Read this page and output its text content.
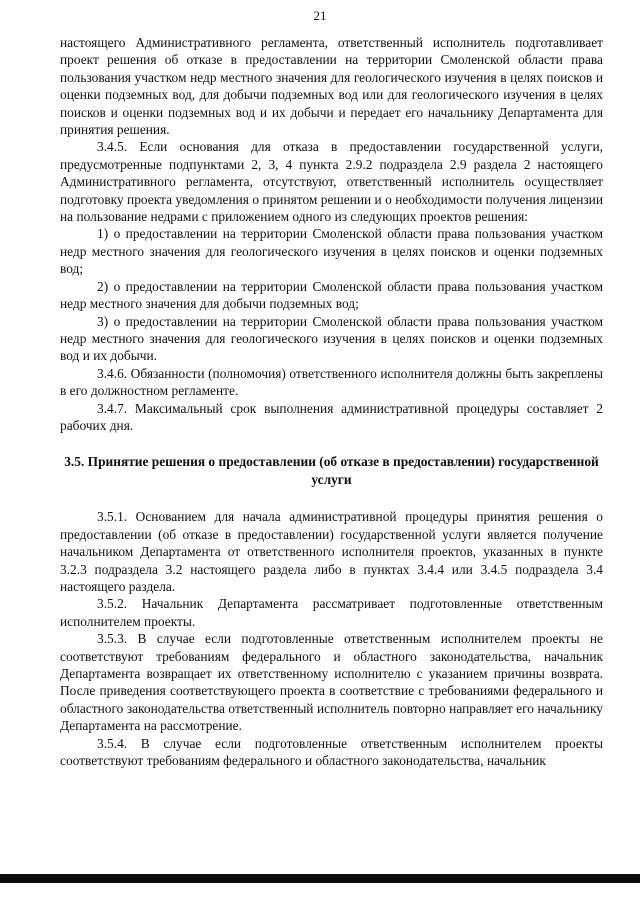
21

настоящего Административного регламента, ответственный исполнитель подготавливает проект решения об отказе в предоставлении на территории Смоленской области права пользования участком недр местного значения для геологического изучения в целях поисков и оценки подземных вод, для добычи подземных вод или для геологического изучения в целях поисков и оценки подземных вод и их добычи и передает его начальнику Департамента для принятия решения.

3.4.5. Если основания для отказа в предоставлении государственной услуги, предусмотренные подпунктами 2, 3, 4 пункта 2.9.2 подраздела 2.9 раздела 2 настоящего Административного регламента, отсутствуют, ответственный исполнитель осуществляет подготовку проекта уведомления о принятом решении и о необходимости получения лицензии на пользование недрами с приложением одного из следующих проектов решения:

1) о предоставлении на территории Смоленской области права пользования участком недр местного значения для геологического изучения в целях поисков и оценки подземных вод;

2) о предоставлении на территории Смоленской области права пользования участком недр местного значения для добычи подземных вод;

3) о предоставлении на территории Смоленской области права пользования участком недр местного значения для геологического изучения в целях поисков и оценки подземных вод и их добычи.

3.4.6. Обязанности (полномочия) ответственного исполнителя должны быть закреплены в его должностном регламенте.

3.4.7. Максимальный срок выполнения административной процедуры составляет 2 рабочих дня.

3.5. Принятие решения о предоставлении (об отказе в предоставлении) государственной услуги

3.5.1. Основанием для начала административной процедуры принятия решения о предоставлении (об отказе в предоставлении) государственной услуги является получение начальником Департамента от ответственного исполнителя проектов, указанных в пункте 3.2.3 подраздела 3.2 настоящего раздела либо в пунктах 3.4.4 или 3.4.5 подраздела 3.4 настоящего раздела.

3.5.2. Начальник Департамента рассматривает подготовленные ответственным исполнителем проекты.

3.5.3. В случае если подготовленные ответственным исполнителем проекты не соответствуют требованиям федерального и областного законодательства, начальник Департамента возвращает их ответственному исполнителю с указанием причины возврата. После приведения соответствующего проекта в соответствие с требованиями федерального и областного законодательства ответственный исполнитель повторно направляет его начальнику Департамента на рассмотрение.

3.5.4. В случае если подготовленные ответственным исполнителем проекты соответствуют требованиям федерального и областного законодательства, начальник
